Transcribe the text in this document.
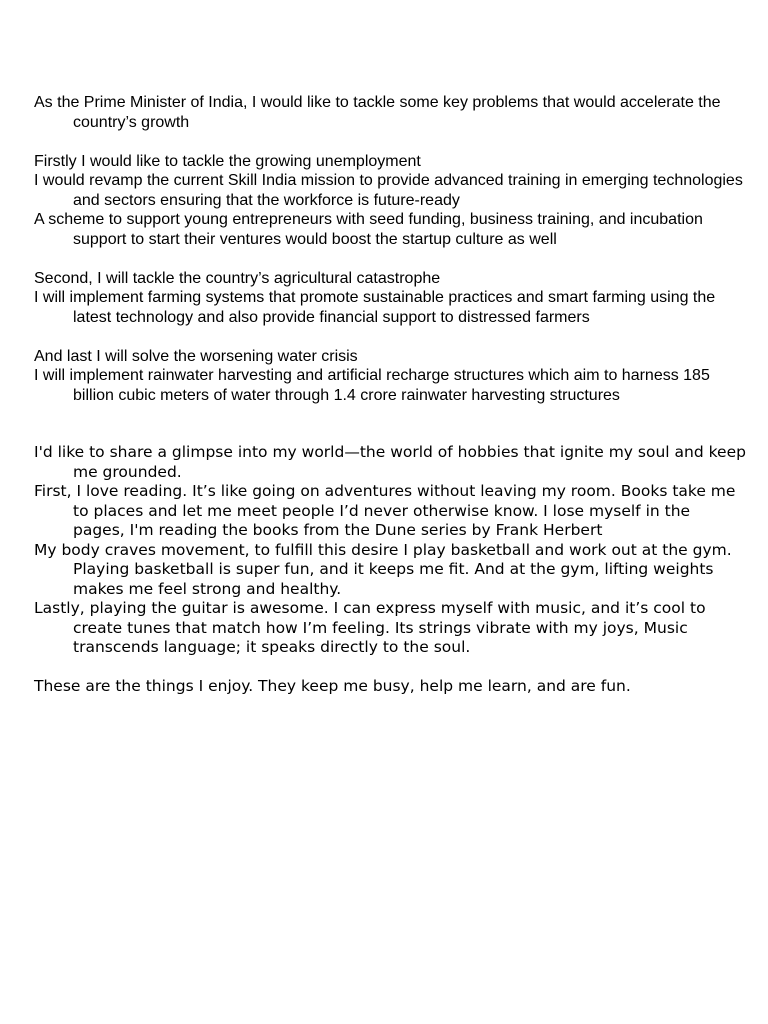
As the Prime Minister of India, I would like to tackle some key problems that would accelerate the country’s growth

Firstly I would like to tackle the growing unemployment

I would revamp the current Skill India mission to provide advanced training in emerging technologies and sectors ensuring that the workforce is future-ready

A scheme to support young entrepreneurs with seed funding, business training, and incubation support to start their ventures would boost the startup culture as well

Second, I will tackle the country’s agricultural catastrophe

I will implement farming systems that promote sustainable practices and smart farming using the latest technology and also provide financial support to distressed farmers

And last I will solve the worsening water crisis

I will implement rainwater harvesting and artificial recharge structures which aim to harness 185 billion cubic meters of water through 1.4 crore rainwater harvesting structures

I'd like to share a glimpse into my world—the world of hobbies that ignite my soul and keep me grounded.

First, I love reading. It’s like going on adventures without leaving my room. Books take me to places and let me meet people I’d never otherwise know. I lose myself in the pages, I'm reading the books from the Dune series by Frank Herbert

My body craves movement, to fulfill this desire I play basketball and work out at the gym. Playing basketball is super fun, and it keeps me fit. And at the gym, lifting weights makes me feel strong and healthy.

Lastly, playing the guitar is awesome. I can express myself with music, and it’s cool to create tunes that match how I’m feeling. Its strings vibrate with my joys, Music transcends language; it speaks directly to the soul.

These are the things I enjoy. They keep me busy, help me learn, and are fun.
